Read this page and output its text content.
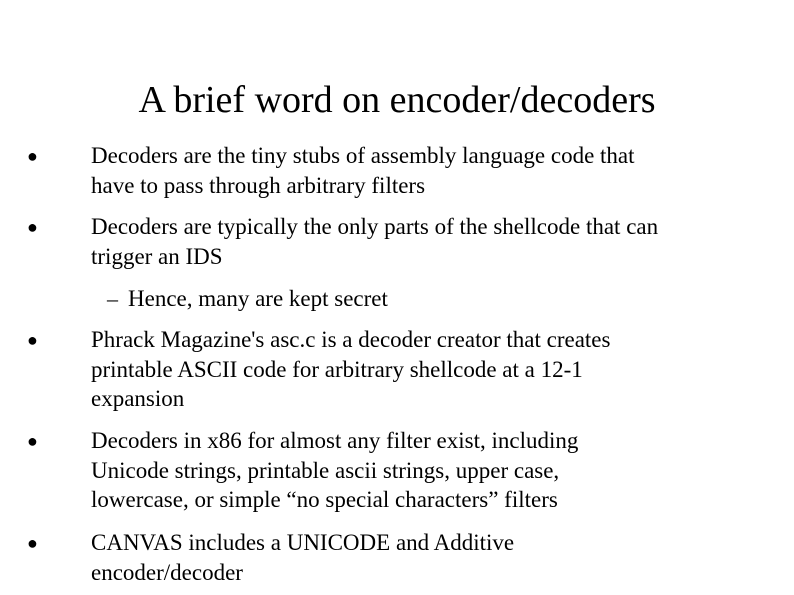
A brief word on encoder/decoders
● Decoders are the tiny stubs of assembly language code that
have to pass through arbitrary filters
● Decoders are typically the only parts of the shellcode that can
trigger an IDS
– Hence, many are kept secret
● Phrack Magazine's asc.c is a decoder creator that creates
printable ASCII code for arbitrary shellcode at a 12-1
expansion
● Decoders in x86 for almost any filter exist, including
Unicode strings, printable ascii strings, upper case,
lowercase, or simple “no special characters” filters
● CANVAS includes a UNICODE and Additive
encoder/decoder
